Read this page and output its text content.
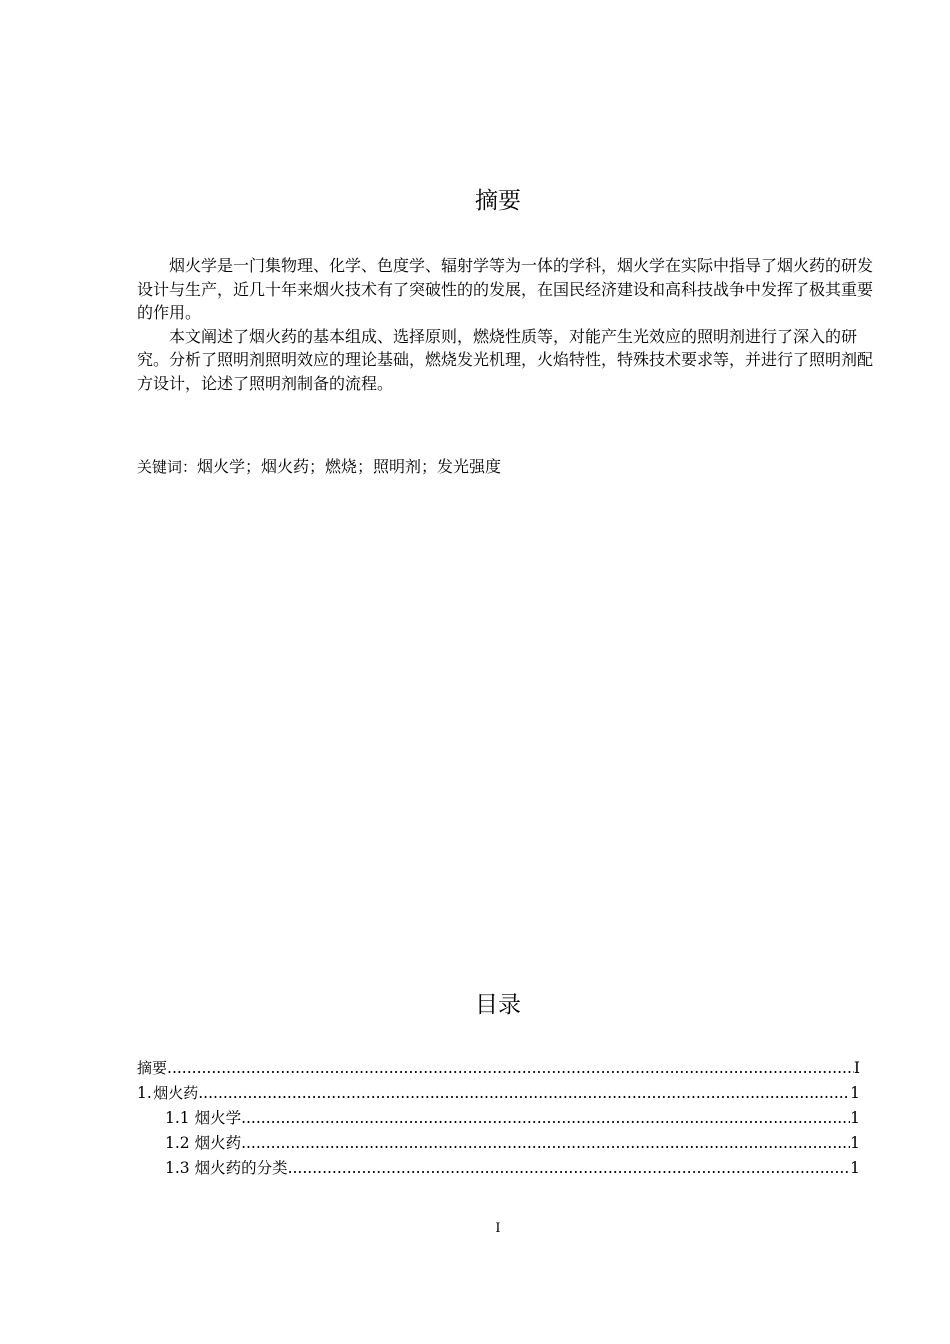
摘要

烟火学是一门集物理、化学、色度学、辐射学等为一体的学科，烟火学在实际中指导了烟火药的研发设计与生产，近几十年来烟火技术有了突破性的的发展，在国民经济建设和高科技战争中发挥了极其重要的作用。

本文阐述了烟火药的基本组成、选择原则，燃烧性质等，对能产生光效应的照明剂进行了深入的研究。分析了照明剂照明效应的理论基础，燃烧发光机理，火焰特性，特殊技术要求等，并进行了照明剂配方设计，论述了照明剂制备的流程。

关键词：烟火学；烟火药；燃烧；照明剂；发光强度
目录
摘要 .....	I
1. 烟火药 .....	1
1.1 烟火学 .....	1
1.2 烟火药 .....	1
1.3 烟火药的分类 .....	1
I
